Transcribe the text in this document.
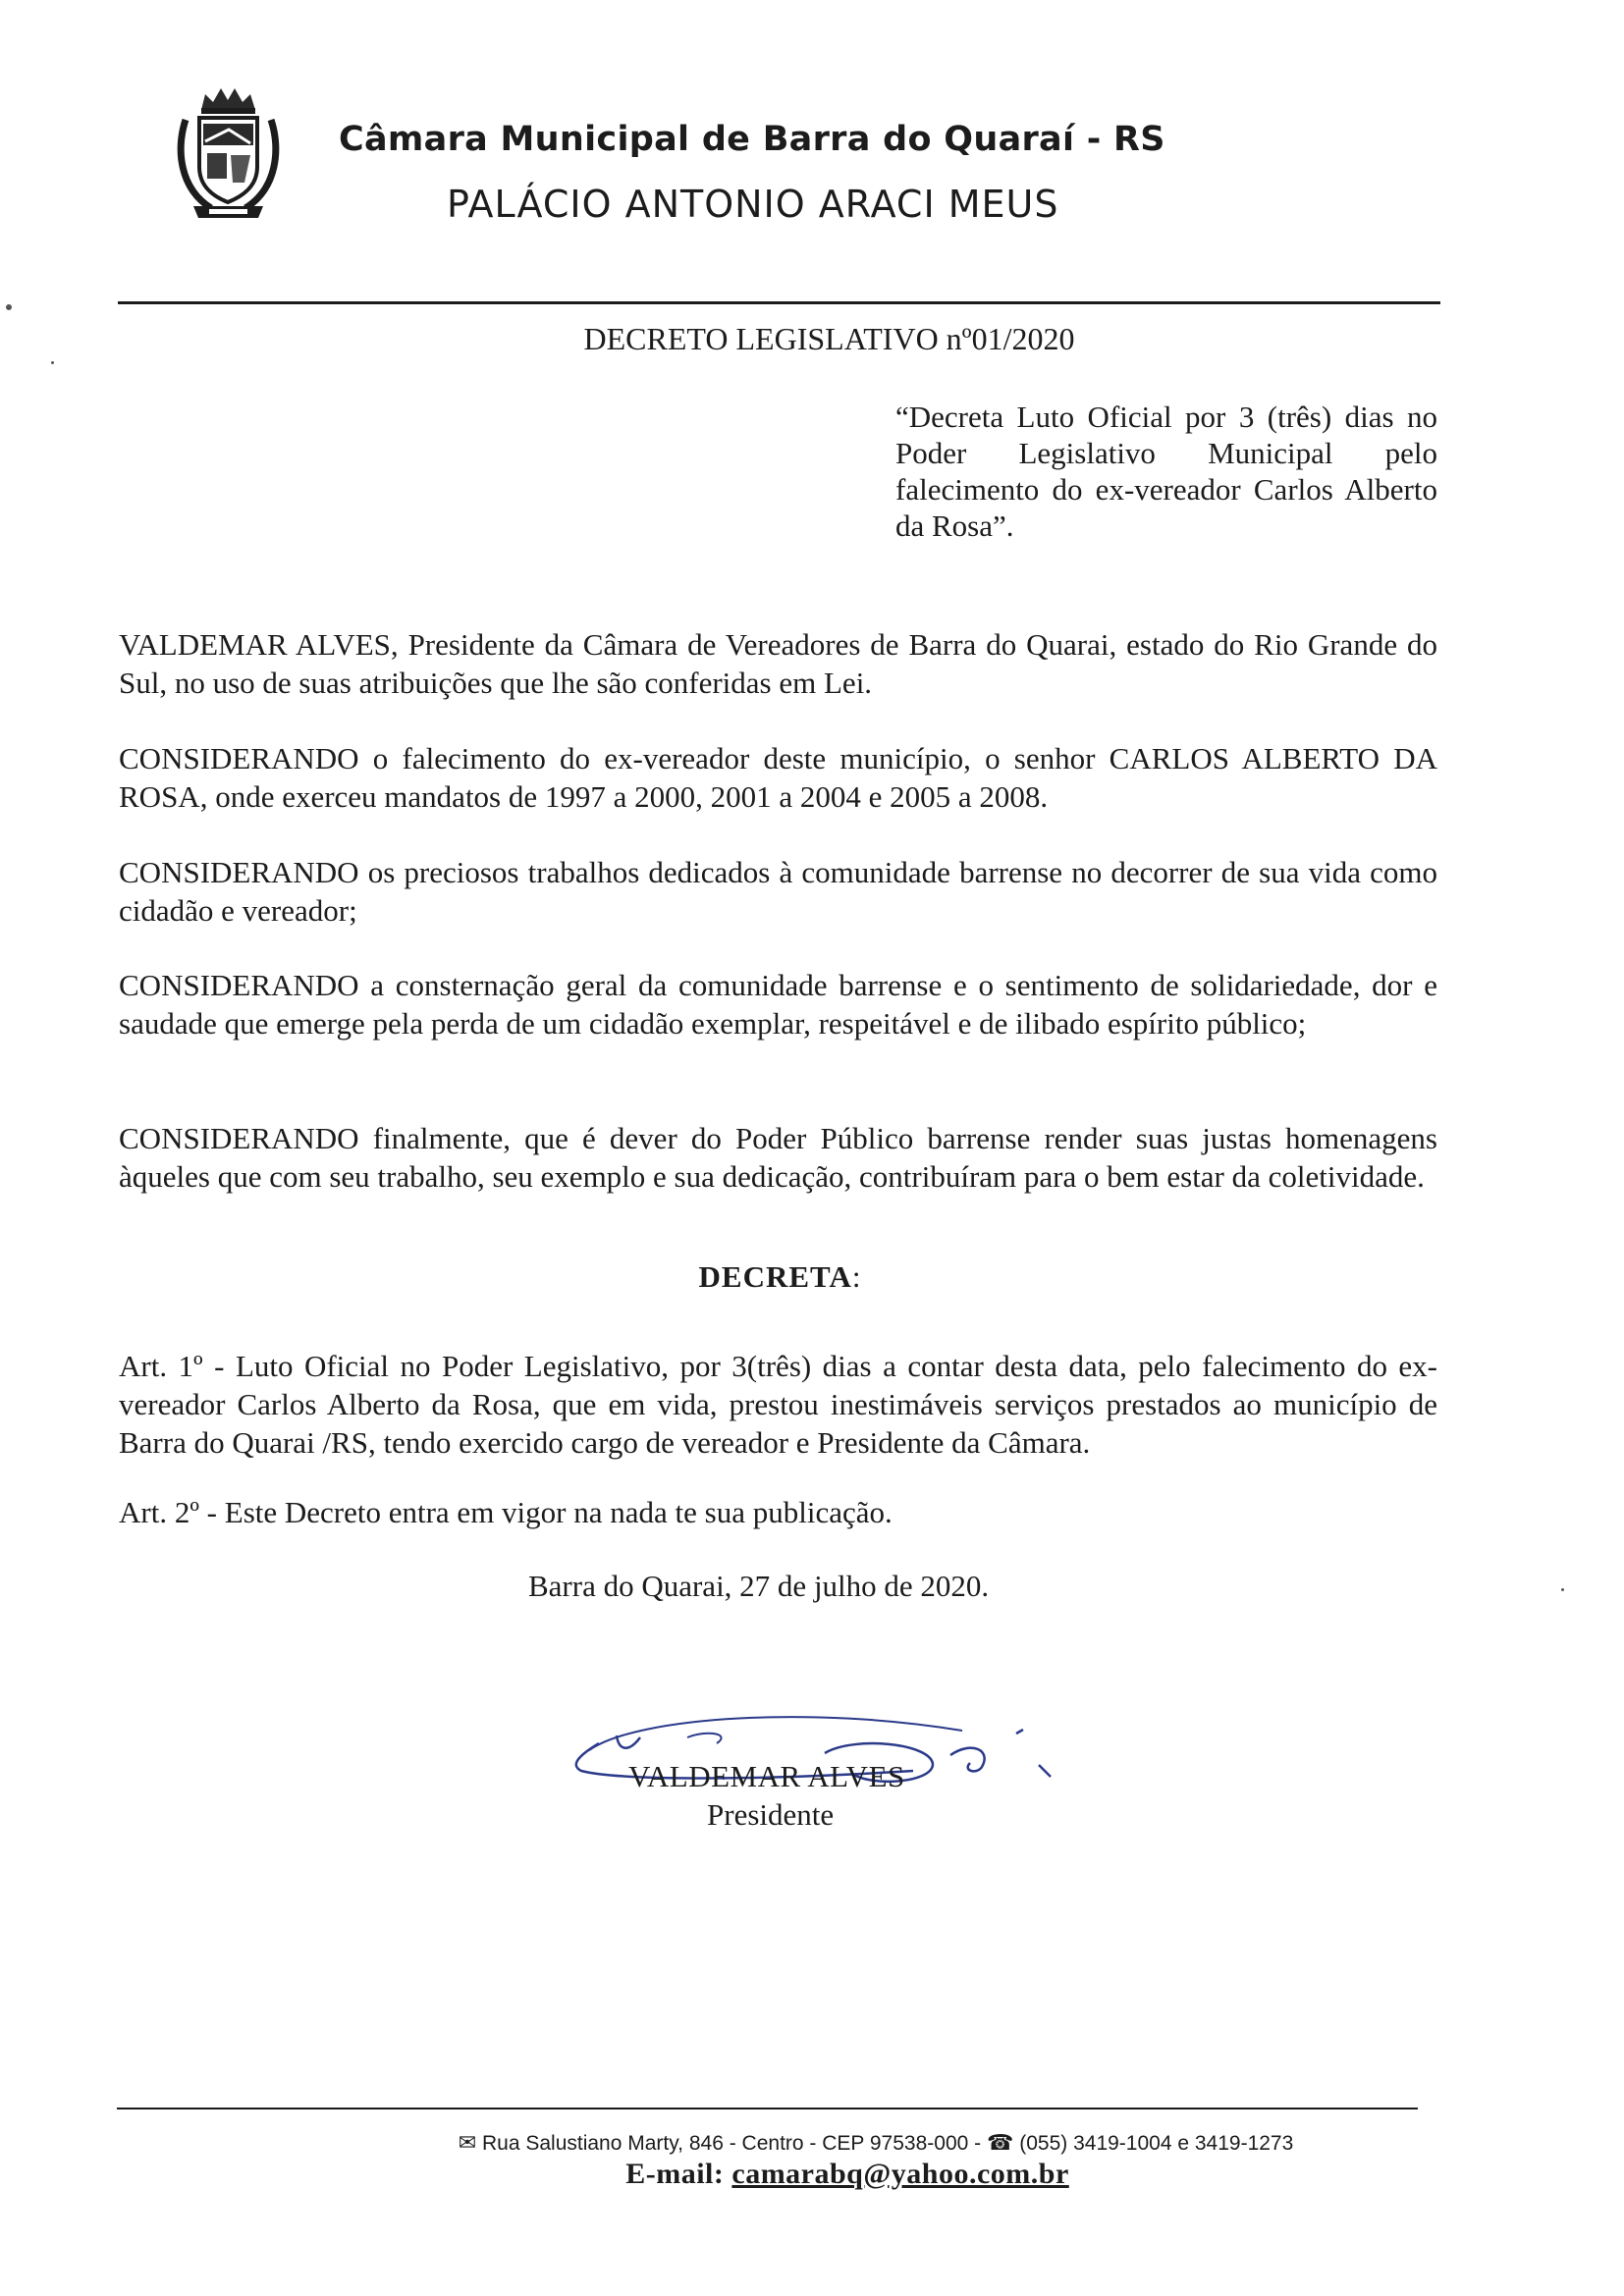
Câmara Municipal de Barra do Quaraí - RS
PALÁCIO ANTONIO ARACI MEUS
DECRETO LEGISLATIVO nº01/2020
“Decreta Luto Oficial por 3 (três) dias no Poder Legislativo Municipal pelo falecimento do ex-vereador Carlos Alberto da Rosa”.
VALDEMAR ALVES, Presidente da Câmara de Vereadores de Barra do Quarai, estado do Rio Grande do Sul, no uso de suas atribuições que lhe são conferidas em Lei.
CONSIDERANDO o falecimento do ex-vereador deste município, o senhor CARLOS ALBERTO DA ROSA, onde exerceu mandatos de 1997 a 2000, 2001 a 2004 e 2005 a 2008.
CONSIDERANDO os preciosos trabalhos dedicados à comunidade barrense no decorrer de sua vida como cidadão e vereador;
CONSIDERANDO a consternação geral da comunidade barrense e o sentimento de solidariedade, dor e saudade que emerge pela perda de um cidadão exemplar, respeitável e de ilibado espírito público;
CONSIDERANDO finalmente, que é dever do Poder Público barrense render suas justas homenagens àqueles que com seu trabalho, seu exemplo e sua dedicação, contribuíram para o bem estar da coletividade.
DECRETA:
Art. 1º - Luto Oficial no Poder Legislativo, por 3(três) dias a contar desta data, pelo falecimento do ex-vereador Carlos Alberto da Rosa, que em vida, prestou inestimáveis serviços prestados ao município de Barra do Quarai /RS, tendo exercido cargo de vereador e Presidente da Câmara.
Art. 2º - Este Decreto entra em vigor na nada te sua publicação.
Barra do Quarai, 27 de julho de 2020.
VALDEMAR ALVES
Presidente
✉ Rua Salustiano Marty, 846 - Centro - CEP 97538-000 - ☎ (055) 3419-1004 e 3419-1273
E-mail: camarabq@yahoo.com.br
